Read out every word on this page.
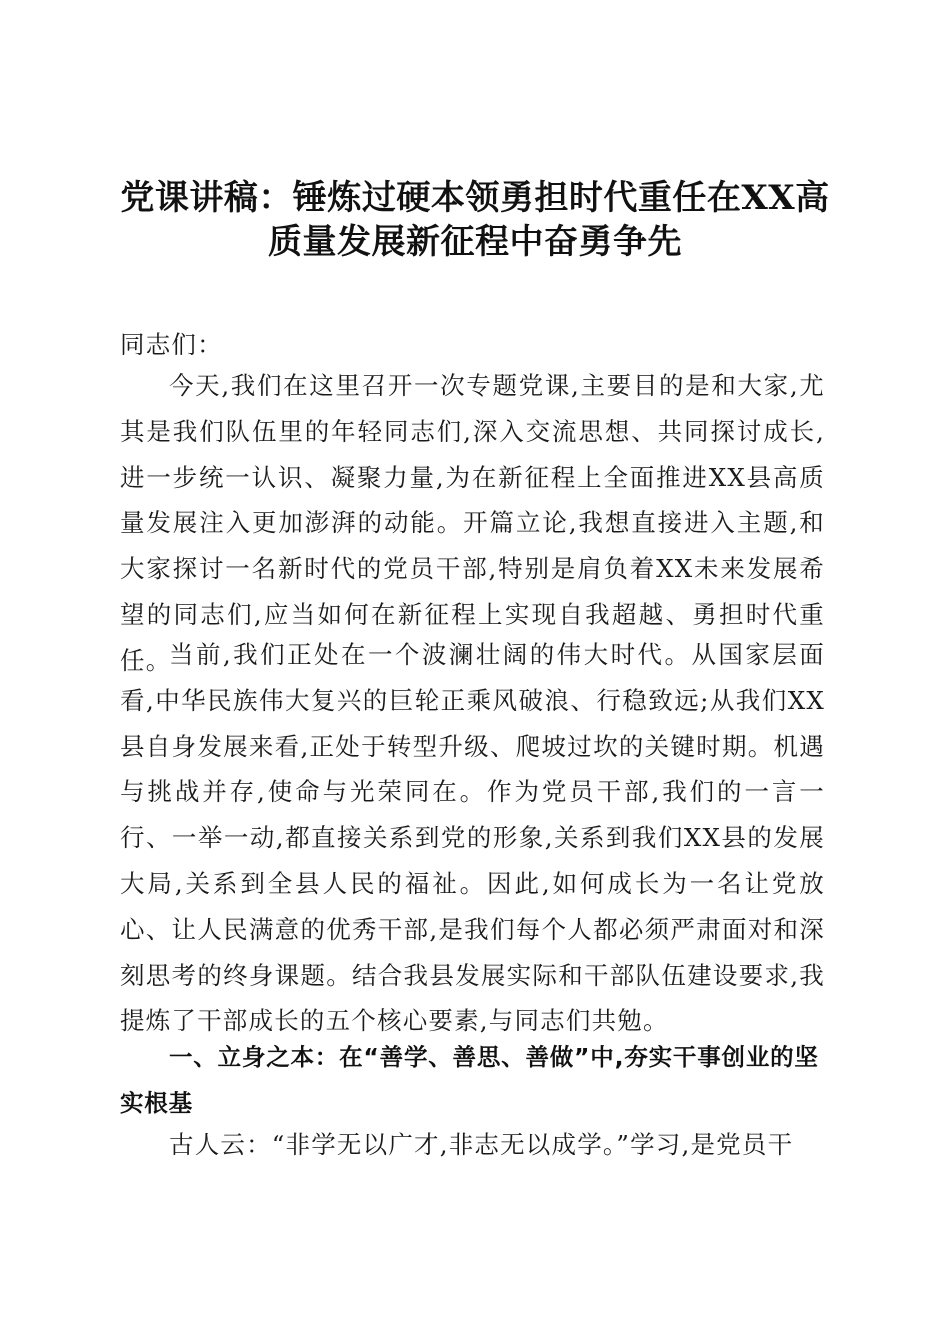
党课讲稿：锤炼过硬本领勇担时代重任在XX高质量发展新征程中奋勇争先
同志们：
今天,我们在这里召开一次专题党课,主要目的是和大家,尤其是我们队伍里的年轻同志们,深入交流思想、共同探讨成长,进一步统一认识、凝聚力量,为在新征程上全面推进XX县高质量发展注入更加澎湃的动能。开篇立论,我想直接进入主题,和大家探讨一名新时代的党员干部,特别是肩负着XX未来发展希望的同志们,应当如何在新征程上实现自我超越、勇担时代重任。
当前,我们正处在一个波澜壮阔的伟大时代。从国家层面看,中华民族伟大复兴的巨轮正乘风破浪、行稳致远;从我们XX县自身发展来看,正处于转型升级、爬坡过坎的关键时期。机遇与挑战并存,使命与光荣同在。作为党员干部,我们的一言一行、一举一动,都直接关系到党的形象,关系到我们XX县的发展大局,关系到全县人民的福祉。因此,如何成长为一名让党放心、让人民满意的优秀干部,是我们每个人都必须严肃面对和深刻思考的终身课题。结合我县发展实际和干部队伍建设要求,我提炼了干部成长的五个核心要素,与同志们共勉。
一、立身之本：在“善学、善思、善做”中,夯实干事创业的坚实根基
古人云：“非学无以广才,非志无以成学。”学习,是党员干
